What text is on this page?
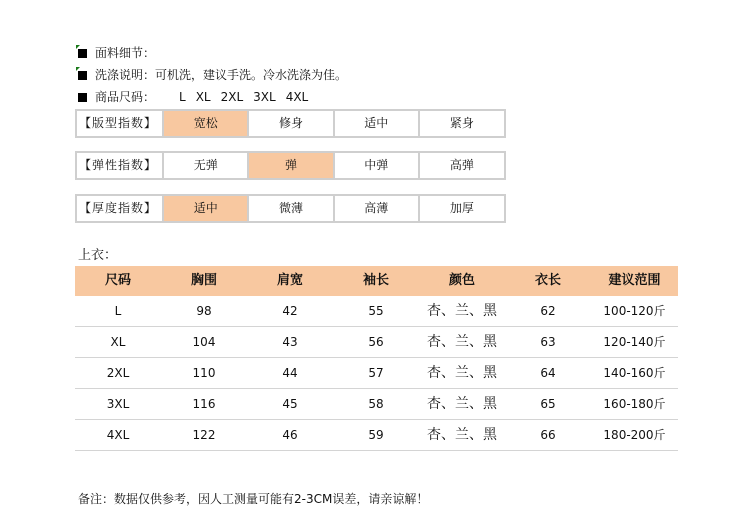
面料细节：
洗涤说明：可机洗，建议手洗。冷水洗涤为佳。
商品尺码： L XL 2XL 3XL 4XL
【版型指数】	宽松	修身	适中	紧身
【弹性指数】	无弹	弹	中弹	高弹
【厚度指数】	适中	微薄	高薄	加厚
上衣：
尺码	胸围	肩宽	袖长	颜色	衣长	建议范围
L	98	42	55	杏、兰、黑	62	100-120斤
XL	104	43	56	杏、兰、黑	63	120-140斤
2XL	110	44	57	杏、兰、黑	64	140-160斤
3XL	116	45	58	杏、兰、黑	65	160-180斤
4XL	122	46	59	杏、兰、黑	66	180-200斤
备注：数据仅供参考，因人工测量可能有2-3CM误差，请亲谅解！
